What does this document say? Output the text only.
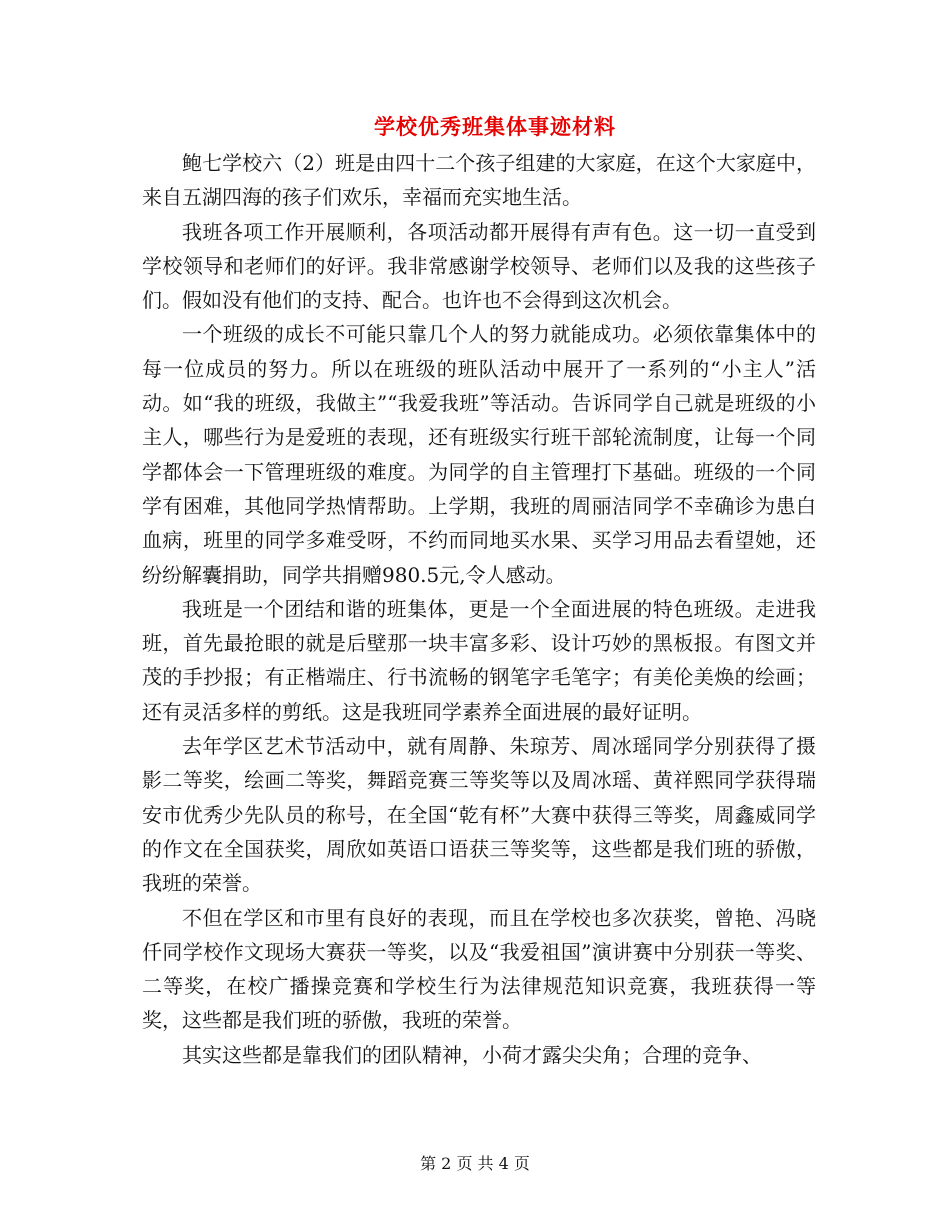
学校优秀班集体事迹材料

鲍七学校六（2）班是由四十二个孩子组建的大家庭，在这个大家庭中，来自五湖四海的孩子们欢乐，幸福而充实地生活。

我班各项工作开展顺利，各项活动都开展得有声有色。这一切一直受到学校领导和老师们的好评。我非常感谢学校领导、老师们以及我的这些孩子们。假如没有他们的支持、配合。也许也不会得到这次机会。

一个班级的成长不可能只靠几个人的努力就能成功。必须依靠集体中的每一位成员的努力。所以在班级的班队活动中展开了一系列的“小主人”活动。如“我的班级，我做主”“我爱我班”等活动。告诉同学自己就是班级的小主人，哪些行为是爱班的表现，还有班级实行班干部轮流制度，让每一个同学都体会一下管理班级的难度。为同学的自主管理打下基础。班级的一个同学有困难，其他同学热情帮助。上学期，我班的周丽洁同学不幸确诊为患白血病，班里的同学多难受呀，不约而同地买水果、买学习用品去看望她，还纷纷解囊捐助，同学共捐赠980.5元,令人感动。

我班是一个团结和谐的班集体，更是一个全面进展的特色班级。走进我班，首先最抢眼的就是后壁那一块丰富多彩、设计巧妙的黑板报。有图文并茂的手抄报；有正楷端庄、行书流畅的钢笔字毛笔字；有美伦美焕的绘画；还有灵活多样的剪纸。这是我班同学素养全面进展的最好证明。

去年学区艺术节活动中，就有周静、朱琼芳、周冰瑶同学分别获得了摄影二等奖，绘画二等奖，舞蹈竞赛三等奖等以及周冰瑶、黄祥熙同学获得瑞安市优秀少先队员的称号，在全国“乾有杯”大赛中获得三等奖，周鑫威同学的作文在全国获奖，周欣如英语口语获三等奖等，这些都是我们班的骄傲，我班的荣誉。

不但在学区和市里有良好的表现，而且在学校也多次获奖，曾艳、冯晓仟同学校作文现场大赛获一等奖，以及“我爱祖国”演讲赛中分别获一等奖、二等奖，在校广播操竞赛和学校生行为法律规范知识竞赛，我班获得一等奖，这些都是我们班的骄傲，我班的荣誉。

其实这些都是靠我们的团队精神，小荷才露尖尖角；合理的竞争、

第 2 页 共 4 页
